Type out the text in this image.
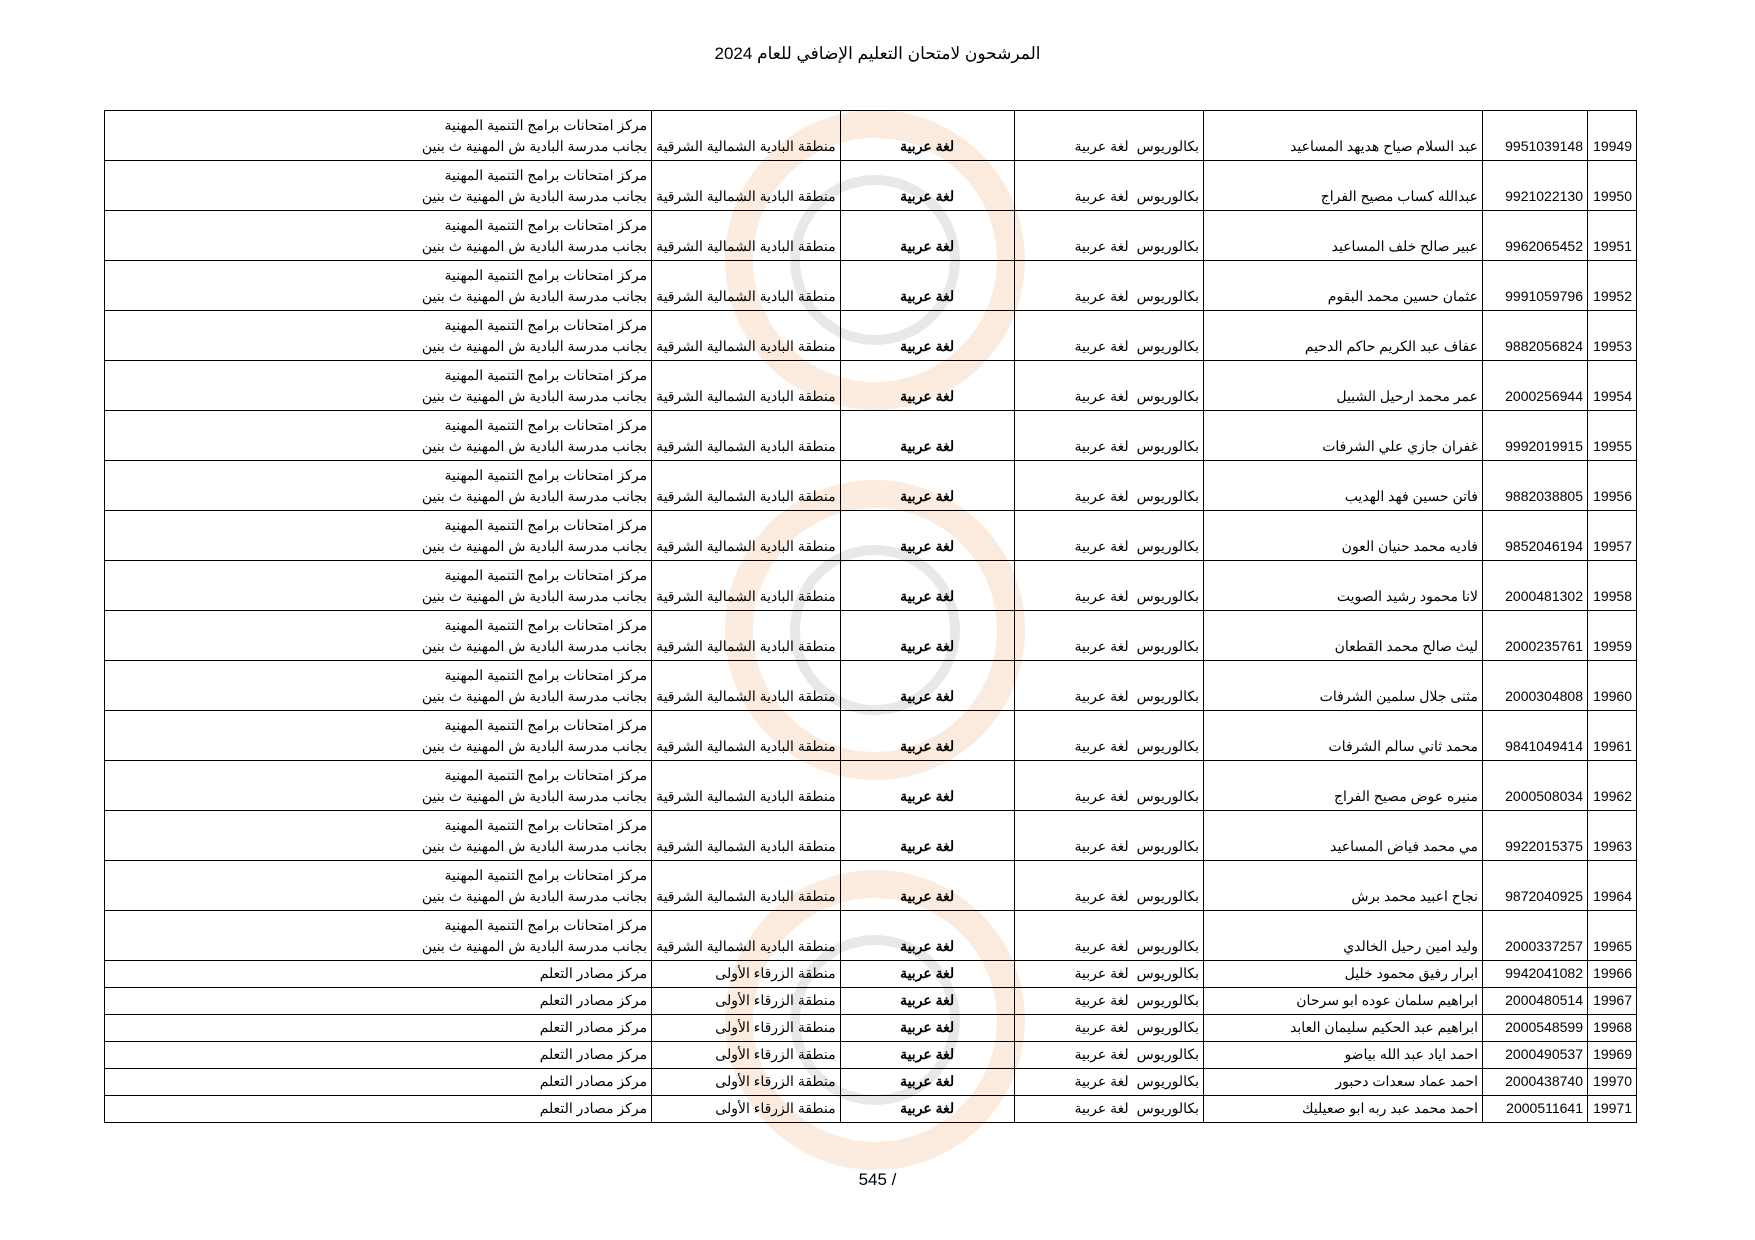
المرشحون لامتحان التعليم الإضافي للعام 2024
19949	9951039148	عبد السلام صياح هديهد المساعيد	بكالوريوس	لغة عربية	لغة عربية	منطقة البادية الشمالية الشرقية	مركز امتحانات برامج التنمية المهنية
بجانب مدرسة البادية ش المهنية ث بنين

19950	9921022130	عبدالله كساب مصيح الفراج	بكالوريوس	لغة عربية	لغة عربية	منطقة البادية الشمالية الشرقية	مركز امتحانات برامج التنمية المهنية
بجانب مدرسة البادية ش المهنية ث بنين

19951	9962065452	عبير صالح خلف المساعيد	بكالوريوس	لغة عربية	لغة عربية	منطقة البادية الشمالية الشرقية	مركز امتحانات برامج التنمية المهنية
بجانب مدرسة البادية ش المهنية ث بنين

19952	9991059796	عثمان حسين محمد البقوم	بكالوريوس	لغة عربية	لغة عربية	منطقة البادية الشمالية الشرقية	مركز امتحانات برامج التنمية المهنية
بجانب مدرسة البادية ش المهنية ث بنين

19953	9882056824	عفاف عبد الكريم حاكم الدحيم	بكالوريوس	لغة عربية	لغة عربية	منطقة البادية الشمالية الشرقية	مركز امتحانات برامج التنمية المهنية
بجانب مدرسة البادية ش المهنية ث بنين

19954	2000256944	عمر محمد ارحيل الشبيل	بكالوريوس	لغة عربية	لغة عربية	منطقة البادية الشمالية الشرقية	مركز امتحانات برامج التنمية المهنية
بجانب مدرسة البادية ش المهنية ث بنين

19955	9992019915	غفران جازي علي الشرفات	بكالوريوس	لغة عربية	لغة عربية	منطقة البادية الشمالية الشرقية	مركز امتحانات برامج التنمية المهنية
بجانب مدرسة البادية ش المهنية ث بنين

19956	9882038805	فاتن حسين فهد الهديب	بكالوريوس	لغة عربية	لغة عربية	منطقة البادية الشمالية الشرقية	مركز امتحانات برامج التنمية المهنية
بجانب مدرسة البادية ش المهنية ث بنين

19957	9852046194	فاديه محمد حنيان العون	بكالوريوس	لغة عربية	لغة عربية	منطقة البادية الشمالية الشرقية	مركز امتحانات برامج التنمية المهنية
بجانب مدرسة البادية ش المهنية ث بنين

19958	2000481302	لانا محمود رشيد الصويت	بكالوريوس	لغة عربية	لغة عربية	منطقة البادية الشمالية الشرقية	مركز امتحانات برامج التنمية المهنية
بجانب مدرسة البادية ش المهنية ث بنين

19959	2000235761	ليث صالح محمد القطعان	بكالوريوس	لغة عربية	لغة عربية	منطقة البادية الشمالية الشرقية	مركز امتحانات برامج التنمية المهنية
بجانب مدرسة البادية ش المهنية ث بنين

19960	2000304808	مثنى جلال سلمين الشرفات	بكالوريوس	لغة عربية	لغة عربية	منطقة البادية الشمالية الشرقية	مركز امتحانات برامج التنمية المهنية
بجانب مدرسة البادية ش المهنية ث بنين

19961	9841049414	محمد ثاني سالم الشرفات	بكالوريوس	لغة عربية	لغة عربية	منطقة البادية الشمالية الشرقية	مركز امتحانات برامج التنمية المهنية
بجانب مدرسة البادية ش المهنية ث بنين

19962	2000508034	منيره عوض مصيح الفراج	بكالوريوس	لغة عربية	لغة عربية	منطقة البادية الشمالية الشرقية	مركز امتحانات برامج التنمية المهنية
بجانب مدرسة البادية ش المهنية ث بنين

19963	9922015375	مي محمد فياض المساعيد	بكالوريوس	لغة عربية	لغة عربية	منطقة البادية الشمالية الشرقية	مركز امتحانات برامج التنمية المهنية
بجانب مدرسة البادية ش المهنية ث بنين

19964	9872040925	نجاح اعبيد محمد برش	بكالوريوس	لغة عربية	لغة عربية	منطقة البادية الشمالية الشرقية	مركز امتحانات برامج التنمية المهنية
بجانب مدرسة البادية ش المهنية ث بنين

19965	2000337257	وليد امين رحيل الخالدي	بكالوريوس	لغة عربية	لغة عربية	منطقة البادية الشمالية الشرقية	مركز امتحانات برامج التنمية المهنية
بجانب مدرسة البادية ش المهنية ث بنين

19966	9942041082	ابرار رفيق محمود خليل	بكالوريوس	لغة عربية	لغة عربية	منطقة الزرقاء الأولى	مركز مصادر التعلم

19967	2000480514	ابراهيم سلمان عوده ابو سرحان	بكالوريوس	لغة عربية	لغة عربية	منطقة الزرقاء الأولى	مركز مصادر التعلم

19968	2000548599	ابراهيم عبد الحكيم سليمان العابد	بكالوريوس	لغة عربية	لغة عربية	منطقة الزرقاء الأولى	مركز مصادر التعلم

19969	2000490537	احمد اياد عبد الله بياضو	بكالوريوس	لغة عربية	لغة عربية	منطقة الزرقاء الأولى	مركز مصادر التعلم

19970	2000438740	احمد عماد سعدات دحبور	بكالوريوس	لغة عربية	لغة عربية	منطقة الزرقاء الأولى	مركز مصادر التعلم

19971	2000511641	احمد محمد عبد ربه ابو صعيليك	بكالوريوس	لغة عربية	لغة عربية	منطقة الزرقاء الأولى	مركز مصادر التعلم
545 /
